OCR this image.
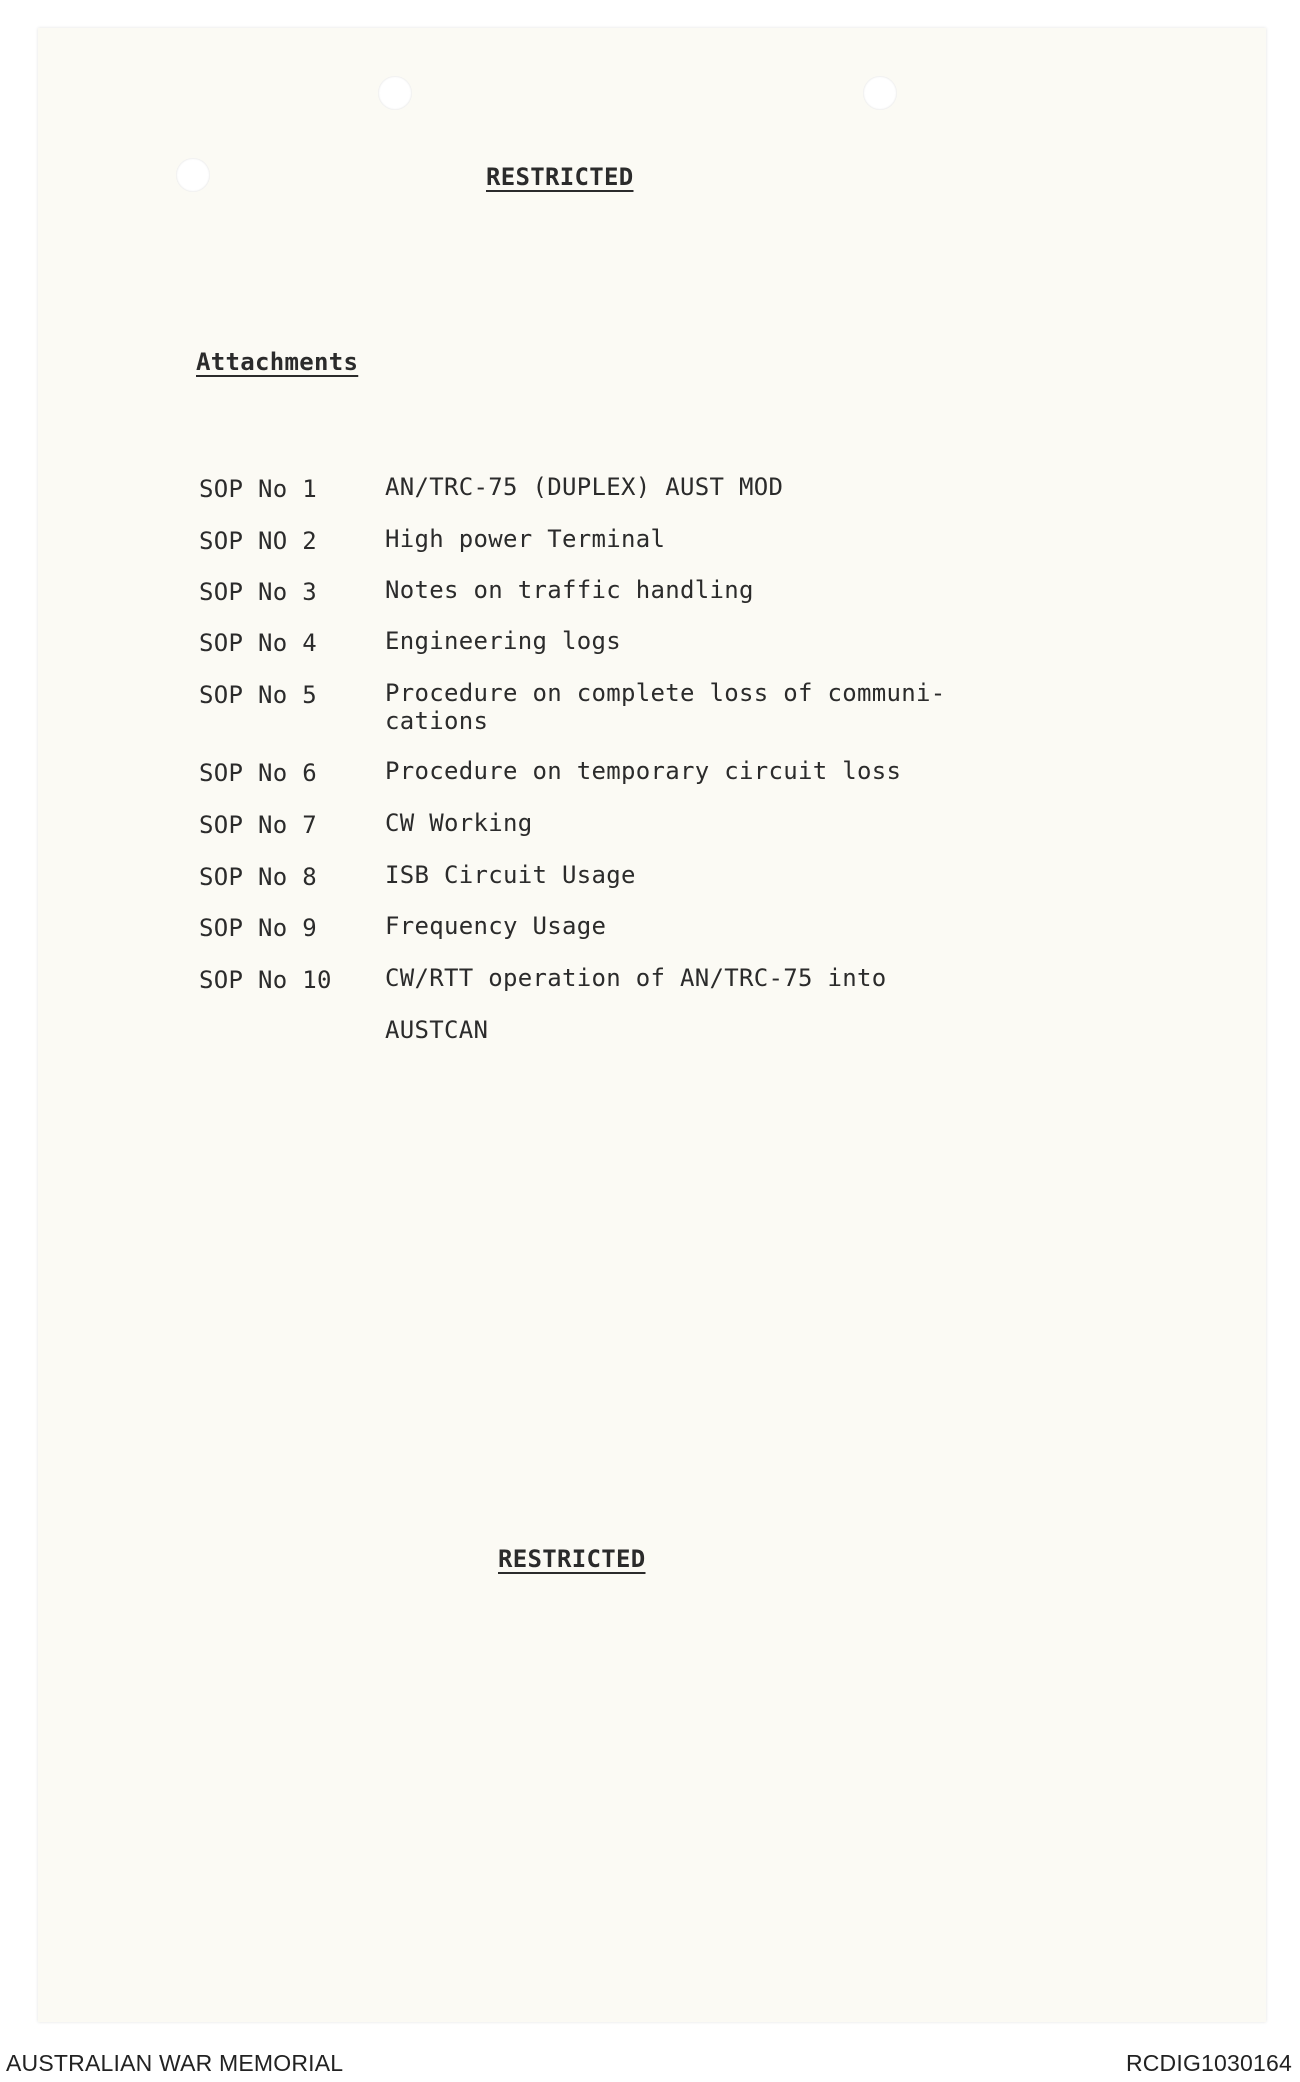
RESTRICTED
Attachments
SOP No 1	AN/TRC-75 (DUPLEX) AUST MOD
SOP NO 2	High power Terminal
SOP No 3	Notes on traffic handling
SOP No 4	Engineering logs
SOP No 5	Procedure on complete loss of communi-
cations
SOP No 6	Procedure on temporary circuit loss
SOP No 7	CW Working
SOP No 8	ISB Circuit Usage
SOP No 9	Frequency Usage
SOP No 10 CW/RTT operation of AN/TRC-75 into
AUSTCAN
RESTRICTED
AUSTRALIAN WAR MEMORIAL	RCDIG1030164
